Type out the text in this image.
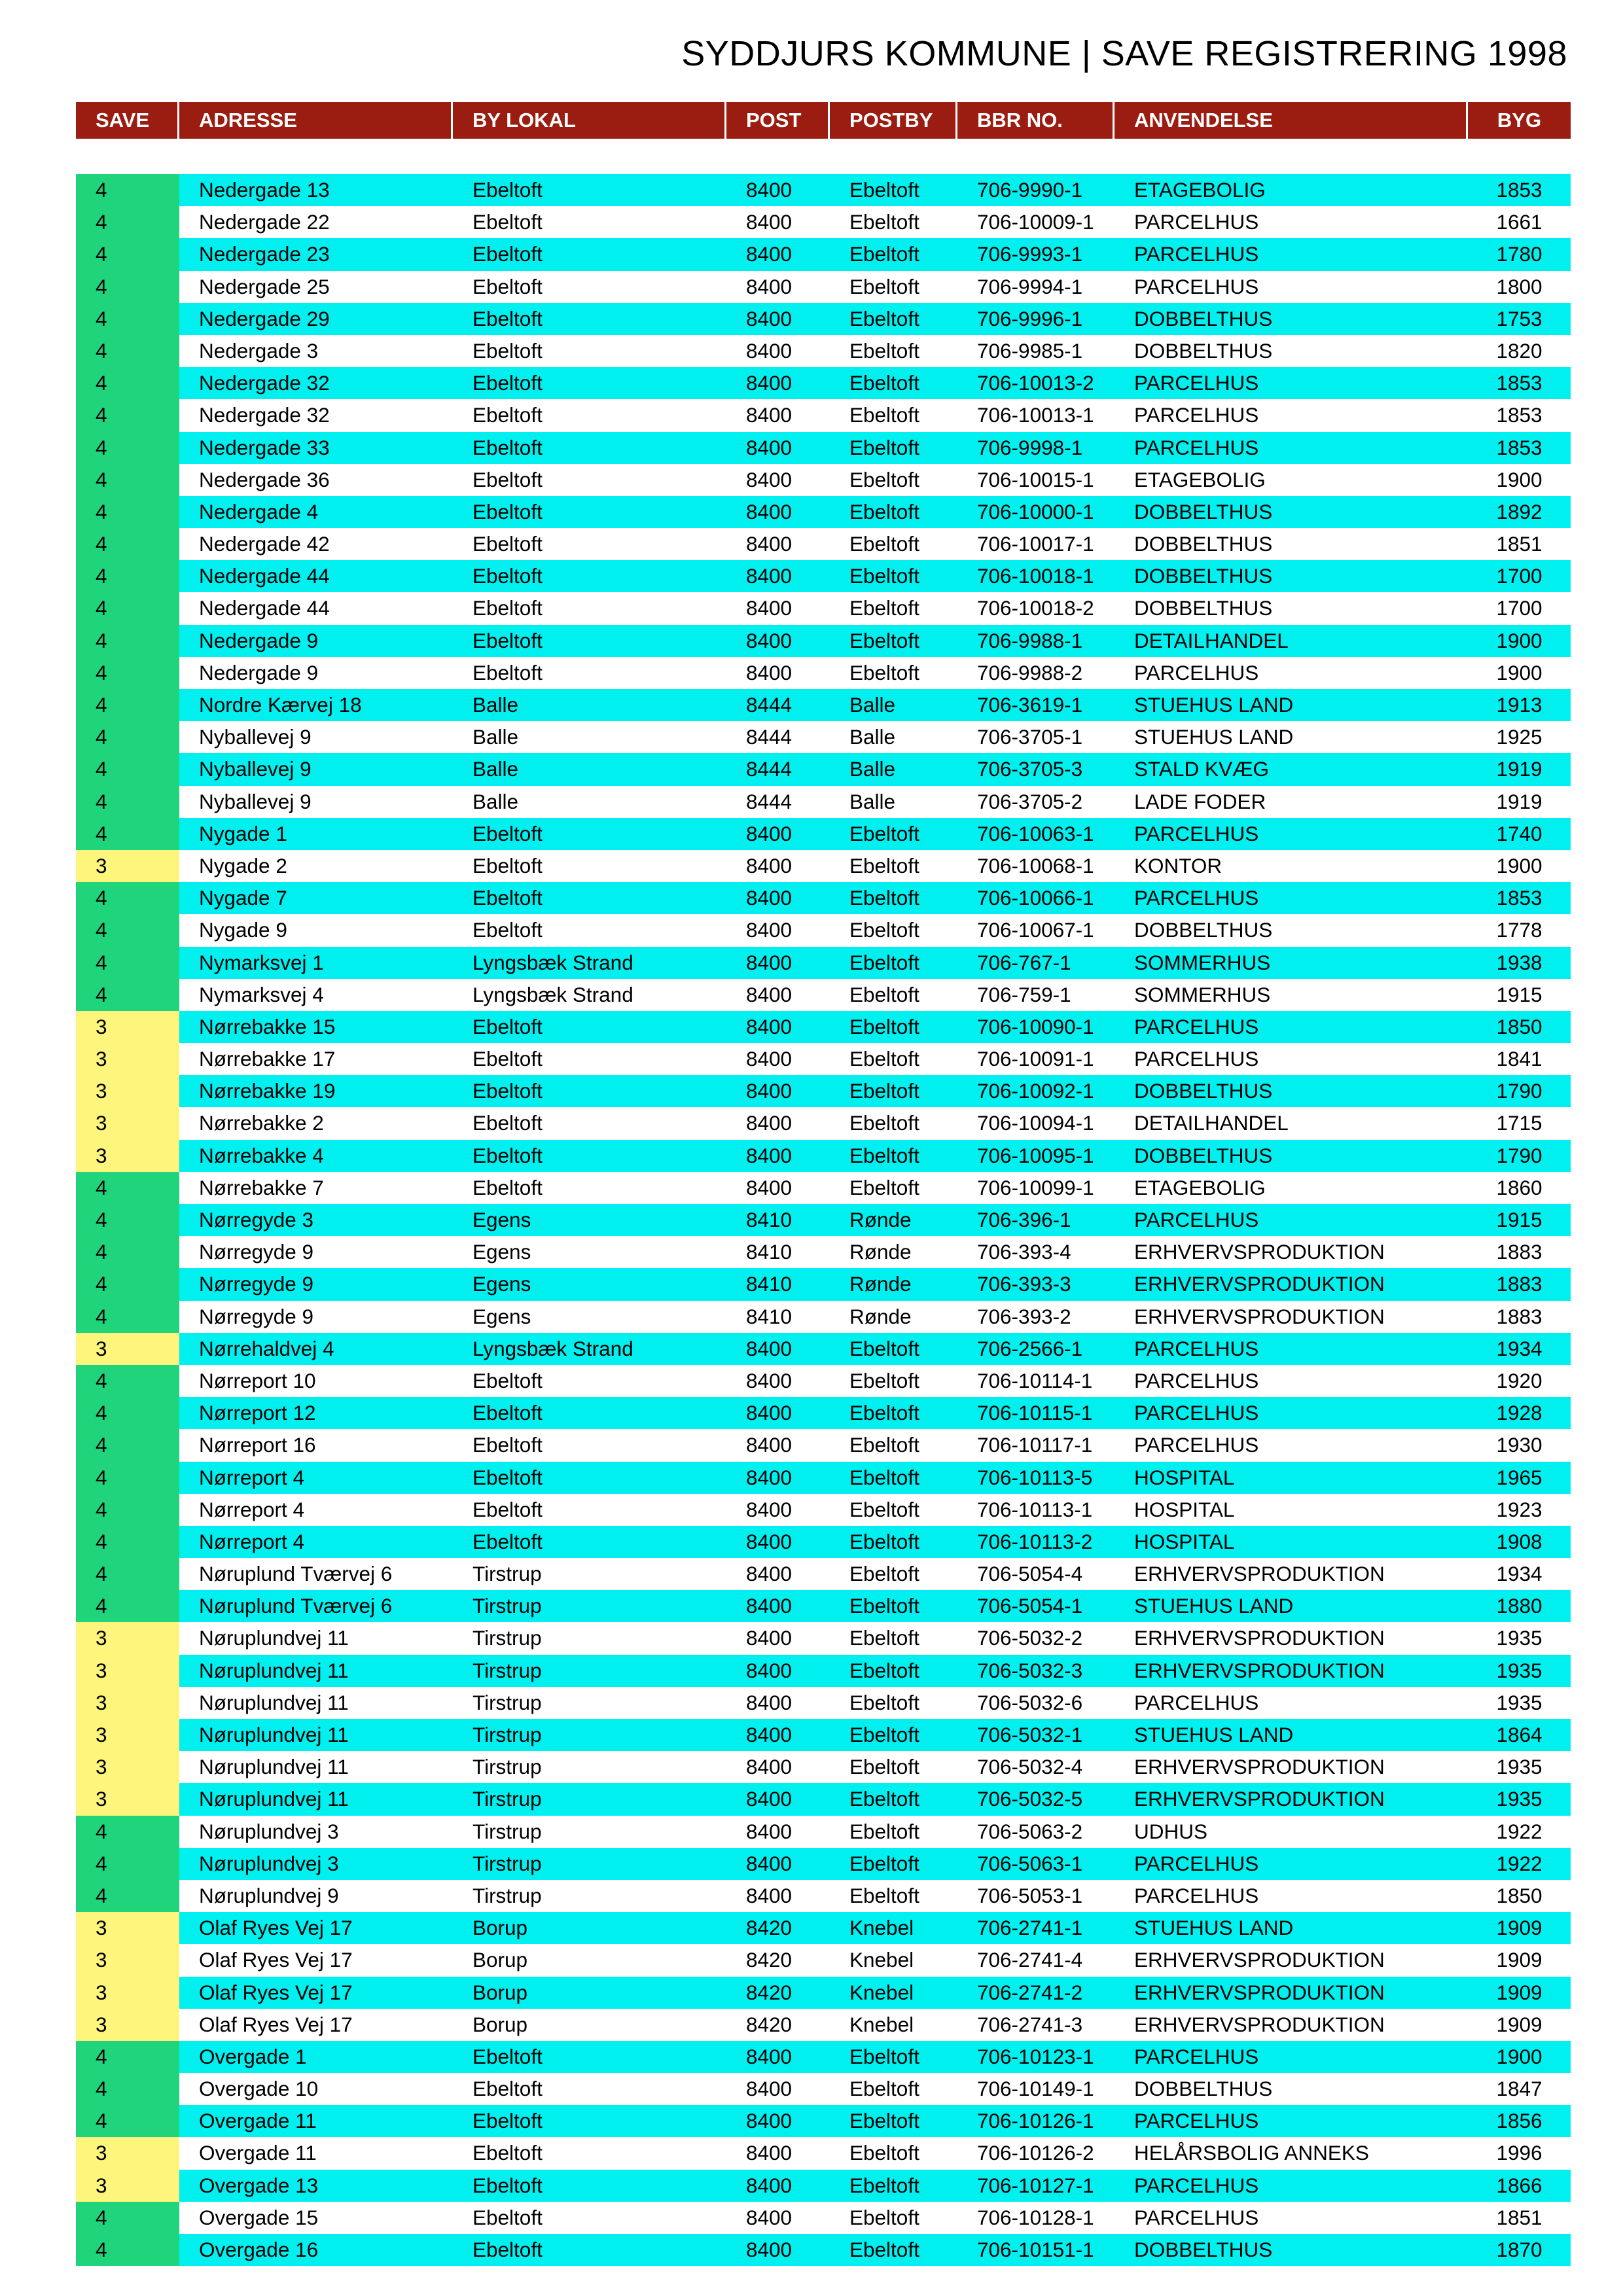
SYDDJURS KOMMUNE | SAVE REGISTRERING 1998
SAVE	ADRESSE	BY LOKAL	POST	POSTBY	BBR NO.	ANVENDELSE	BYG
4	Nedergade 13	Ebeltoft	8400	Ebeltoft	706-9990-1	ETAGEBOLIG	1853
4	Nedergade 22	Ebeltoft	8400	Ebeltoft	706-10009-1	PARCELHUS	1661
4	Nedergade 23	Ebeltoft	8400	Ebeltoft	706-9993-1	PARCELHUS	1780
4	Nedergade 25	Ebeltoft	8400	Ebeltoft	706-9994-1	PARCELHUS	1800
4	Nedergade 29	Ebeltoft	8400	Ebeltoft	706-9996-1	DOBBELTHUS	1753
4	Nedergade 3	Ebeltoft	8400	Ebeltoft	706-9985-1	DOBBELTHUS	1820
4	Nedergade 32	Ebeltoft	8400	Ebeltoft	706-10013-2	PARCELHUS	1853
4	Nedergade 32	Ebeltoft	8400	Ebeltoft	706-10013-1	PARCELHUS	1853
4	Nedergade 33	Ebeltoft	8400	Ebeltoft	706-9998-1	PARCELHUS	1853
4	Nedergade 36	Ebeltoft	8400	Ebeltoft	706-10015-1	ETAGEBOLIG	1900
4	Nedergade 4	Ebeltoft	8400	Ebeltoft	706-10000-1	DOBBELTHUS	1892
4	Nedergade 42	Ebeltoft	8400	Ebeltoft	706-10017-1	DOBBELTHUS	1851
4	Nedergade 44	Ebeltoft	8400	Ebeltoft	706-10018-1	DOBBELTHUS	1700
4	Nedergade 44	Ebeltoft	8400	Ebeltoft	706-10018-2	DOBBELTHUS	1700
4	Nedergade 9	Ebeltoft	8400	Ebeltoft	706-9988-1	DETAILHANDEL	1900
4	Nedergade 9	Ebeltoft	8400	Ebeltoft	706-9988-2	PARCELHUS	1900
4	Nordre Kærvej 18	Balle	8444	Balle	706-3619-1	STUEHUS LAND	1913
4	Nyballevej 9	Balle	8444	Balle	706-3705-1	STUEHUS LAND	1925
4	Nyballevej 9	Balle	8444	Balle	706-3705-3	STALD KVÆG	1919
4	Nyballevej 9	Balle	8444	Balle	706-3705-2	LADE FODER	1919
4	Nygade 1	Ebeltoft	8400	Ebeltoft	706-10063-1	PARCELHUS	1740
3	Nygade 2	Ebeltoft	8400	Ebeltoft	706-10068-1	KONTOR	1900
4	Nygade 7	Ebeltoft	8400	Ebeltoft	706-10066-1	PARCELHUS	1853
4	Nygade 9	Ebeltoft	8400	Ebeltoft	706-10067-1	DOBBELTHUS	1778
4	Nymarksvej 1	Lyngsbæk Strand	8400	Ebeltoft	706-767-1	SOMMERHUS	1938
4	Nymarksvej 4	Lyngsbæk Strand	8400	Ebeltoft	706-759-1	SOMMERHUS	1915
3	Nørrebakke 15	Ebeltoft	8400	Ebeltoft	706-10090-1	PARCELHUS	1850
3	Nørrebakke 17	Ebeltoft	8400	Ebeltoft	706-10091-1	PARCELHUS	1841
3	Nørrebakke 19	Ebeltoft	8400	Ebeltoft	706-10092-1	DOBBELTHUS	1790
3	Nørrebakke 2	Ebeltoft	8400	Ebeltoft	706-10094-1	DETAILHANDEL	1715
3	Nørrebakke 4	Ebeltoft	8400	Ebeltoft	706-10095-1	DOBBELTHUS	1790
4	Nørrebakke 7	Ebeltoft	8400	Ebeltoft	706-10099-1	ETAGEBOLIG	1860
4	Nørregyde 3	Egens	8410	Rønde	706-396-1	PARCELHUS	1915
4	Nørregyde 9	Egens	8410	Rønde	706-393-4	ERHVERVSPRODUKTION	1883
4	Nørregyde 9	Egens	8410	Rønde	706-393-3	ERHVERVSPRODUKTION	1883
4	Nørregyde 9	Egens	8410	Rønde	706-393-2	ERHVERVSPRODUKTION	1883
3	Nørrehaldvej 4	Lyngsbæk Strand	8400	Ebeltoft	706-2566-1	PARCELHUS	1934
4	Nørreport 10	Ebeltoft	8400	Ebeltoft	706-10114-1	PARCELHUS	1920
4	Nørreport 12	Ebeltoft	8400	Ebeltoft	706-10115-1	PARCELHUS	1928
4	Nørreport 16	Ebeltoft	8400	Ebeltoft	706-10117-1	PARCELHUS	1930
4	Nørreport 4	Ebeltoft	8400	Ebeltoft	706-10113-5	HOSPITAL	1965
4	Nørreport 4	Ebeltoft	8400	Ebeltoft	706-10113-1	HOSPITAL	1923
4	Nørreport 4	Ebeltoft	8400	Ebeltoft	706-10113-2	HOSPITAL	1908
4	Nøruplund Tværvej 6	Tirstrup	8400	Ebeltoft	706-5054-4	ERHVERVSPRODUKTION	1934
4	Nøruplund Tværvej 6	Tirstrup	8400	Ebeltoft	706-5054-1	STUEHUS LAND	1880
3	Nøruplundvej 11	Tirstrup	8400	Ebeltoft	706-5032-2	ERHVERVSPRODUKTION	1935
3	Nøruplundvej 11	Tirstrup	8400	Ebeltoft	706-5032-3	ERHVERVSPRODUKTION	1935
3	Nøruplundvej 11	Tirstrup	8400	Ebeltoft	706-5032-6	PARCELHUS	1935
3	Nøruplundvej 11	Tirstrup	8400	Ebeltoft	706-5032-1	STUEHUS LAND	1864
3	Nøruplundvej 11	Tirstrup	8400	Ebeltoft	706-5032-4	ERHVERVSPRODUKTION	1935
3	Nøruplundvej 11	Tirstrup	8400	Ebeltoft	706-5032-5	ERHVERVSPRODUKTION	1935
4	Nøruplundvej 3	Tirstrup	8400	Ebeltoft	706-5063-2	UDHUS	1922
4	Nøruplundvej 3	Tirstrup	8400	Ebeltoft	706-5063-1	PARCELHUS	1922
4	Nøruplundvej 9	Tirstrup	8400	Ebeltoft	706-5053-1	PARCELHUS	1850
3	Olaf Ryes Vej 17	Borup	8420	Knebel	706-2741-1	STUEHUS LAND	1909
3	Olaf Ryes Vej 17	Borup	8420	Knebel	706-2741-4	ERHVERVSPRODUKTION	1909
3	Olaf Ryes Vej 17	Borup	8420	Knebel	706-2741-2	ERHVERVSPRODUKTION	1909
3	Olaf Ryes Vej 17	Borup	8420	Knebel	706-2741-3	ERHVERVSPRODUKTION	1909
4	Overgade 1	Ebeltoft	8400	Ebeltoft	706-10123-1	PARCELHUS	1900
4	Overgade 10	Ebeltoft	8400	Ebeltoft	706-10149-1	DOBBELTHUS	1847
4	Overgade 11	Ebeltoft	8400	Ebeltoft	706-10126-1	PARCELHUS	1856
3	Overgade 11	Ebeltoft	8400	Ebeltoft	706-10126-2	HELÅRSBOLIG ANNEKS	1996
3	Overgade 13	Ebeltoft	8400	Ebeltoft	706-10127-1	PARCELHUS	1866
4	Overgade 15	Ebeltoft	8400	Ebeltoft	706-10128-1	PARCELHUS	1851
4	Overgade 16	Ebeltoft	8400	Ebeltoft	706-10151-1	DOBBELTHUS	1870
